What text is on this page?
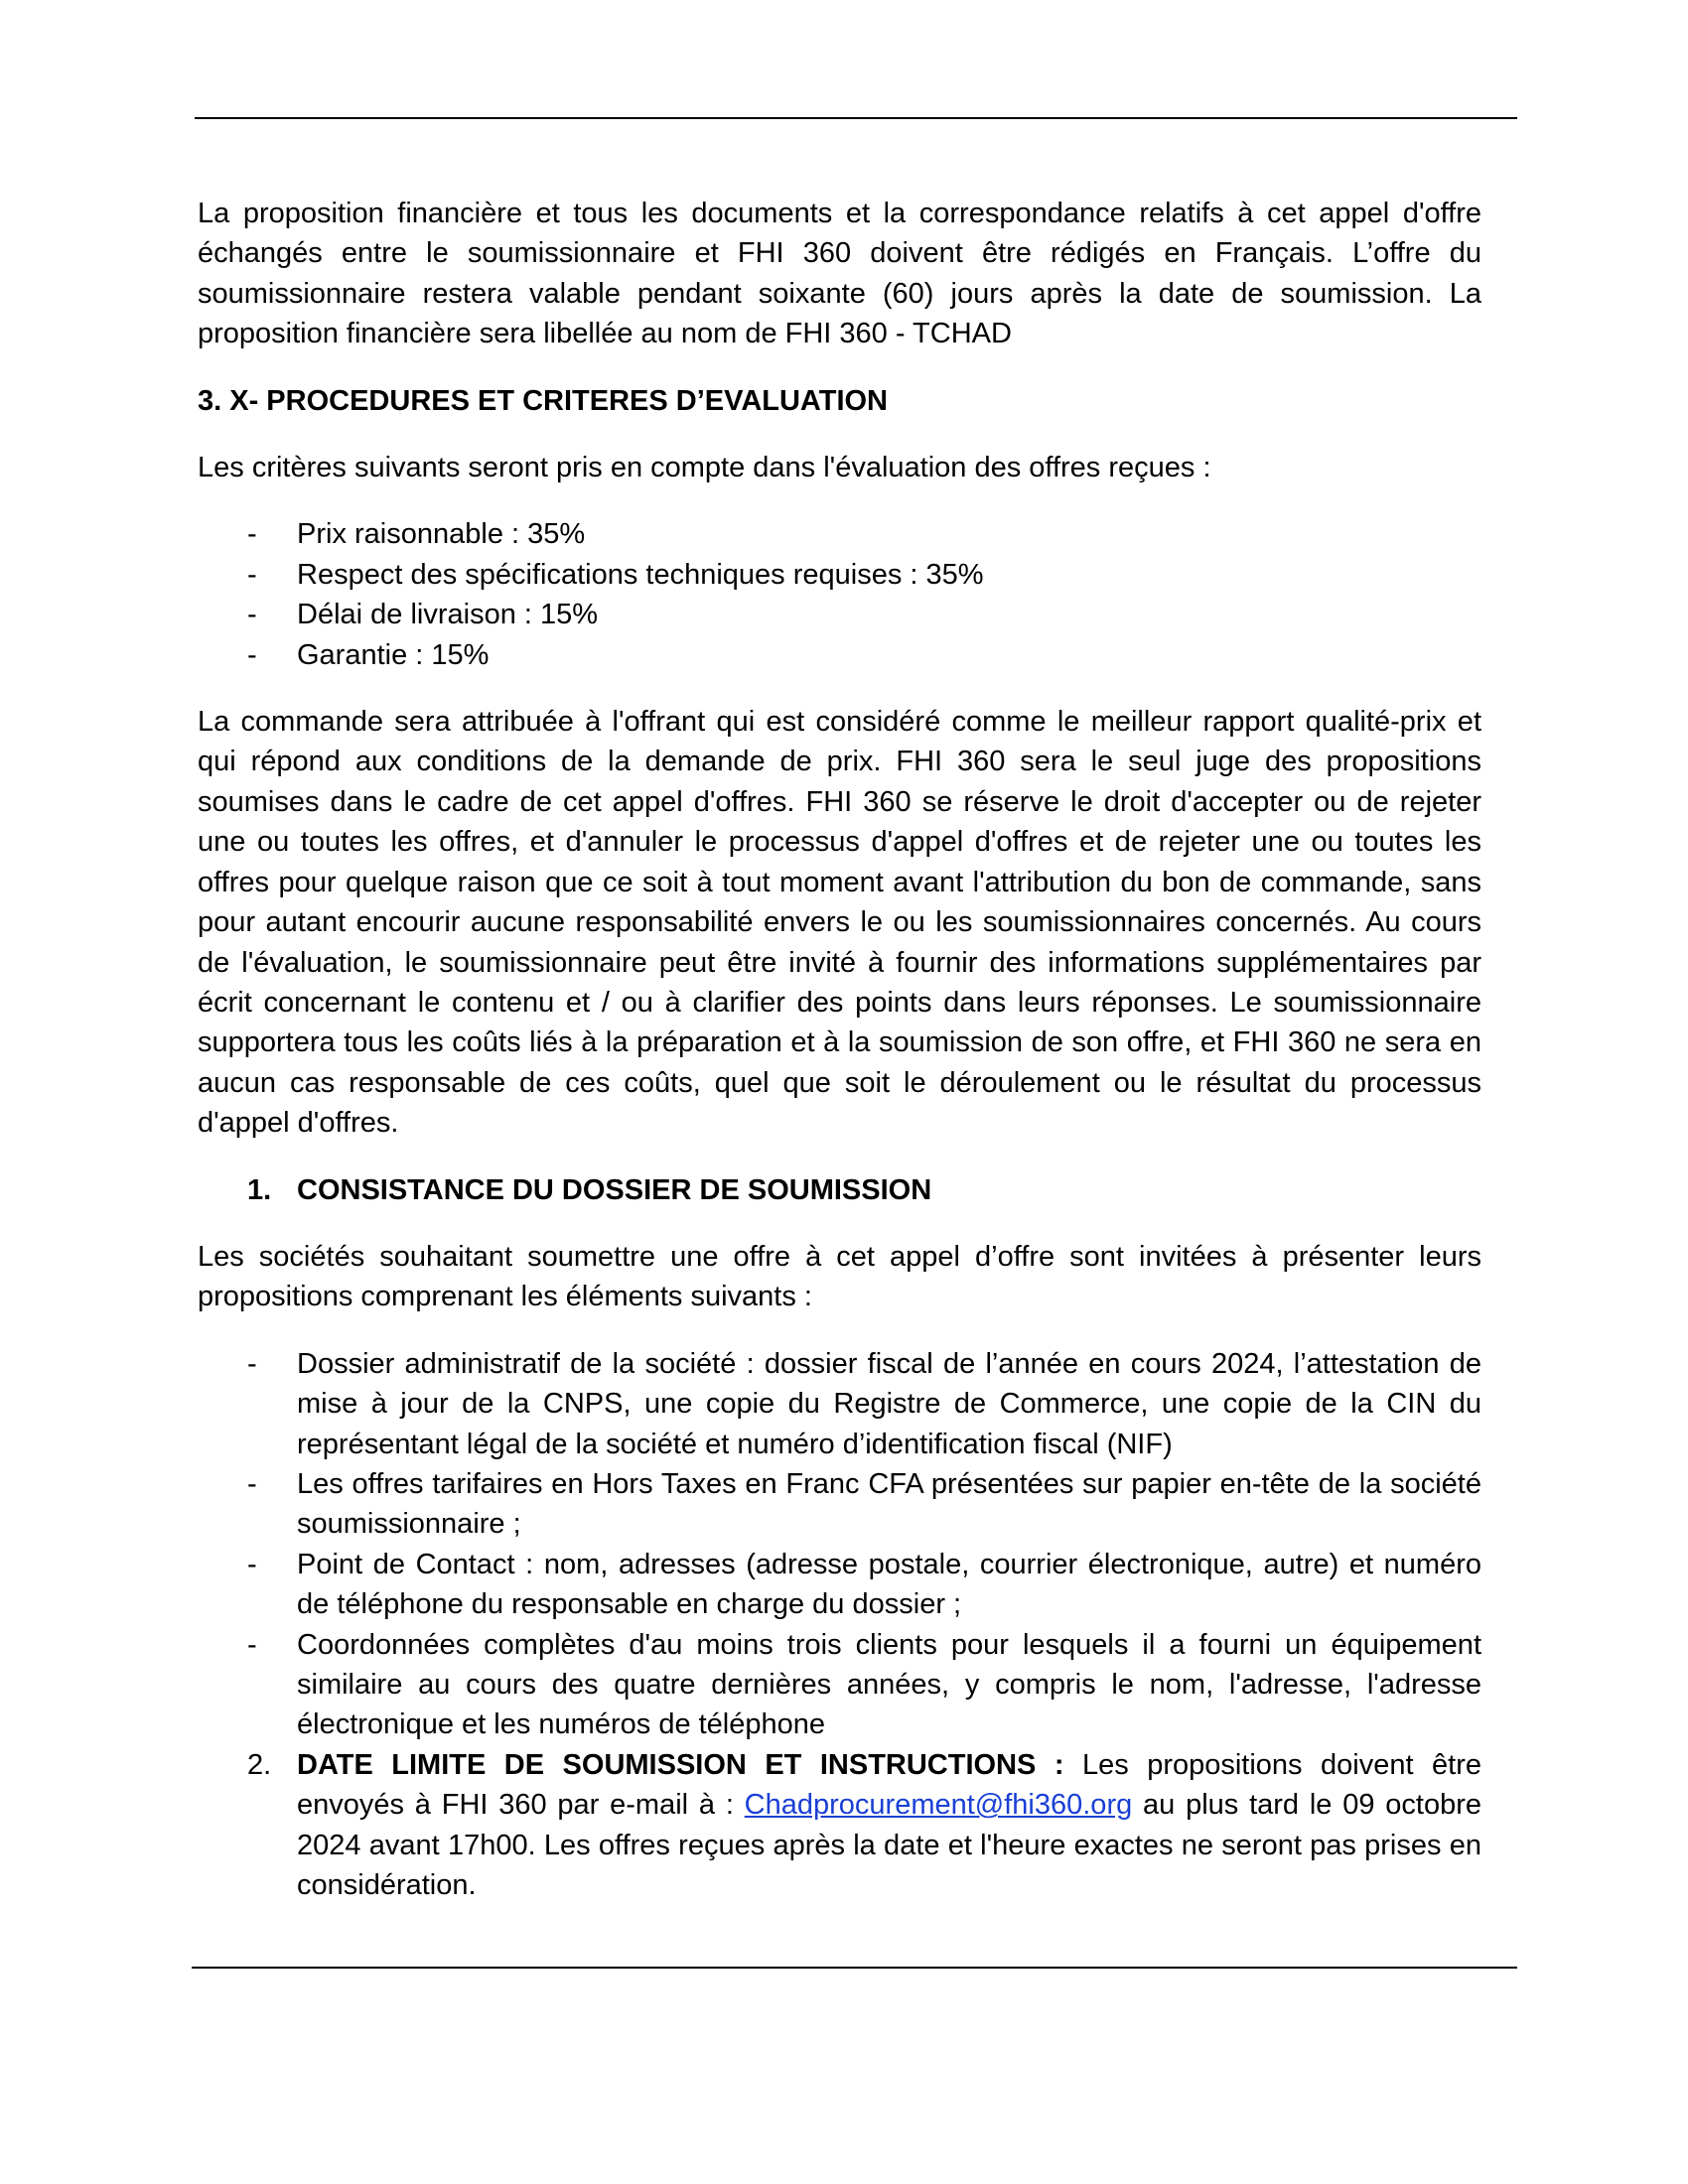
La proposition financière et tous les documents et la correspondance relatifs à cet appel d'offre échangés entre le soumissionnaire et FHI 360 doivent être rédigés en Français. L’offre du soumissionnaire restera valable pendant soixante (60) jours après la date de soumission. La proposition financière sera libellée au nom de FHI 360 - TCHAD

3. X- PROCEDURES ET CRITERES D’EVALUATION

Les critères suivants seront pris en compte dans l'évaluation des offres reçues :

- Prix raisonnable : 35%
- Respect des spécifications techniques requises : 35%
- Délai de livraison : 15%
- Garantie : 15%

La commande sera attribuée à l'offrant qui est considéré comme le meilleur rapport qualité-prix et qui répond aux conditions de la demande de prix. FHI 360 sera le seul juge des propositions soumises dans le cadre de cet appel d'offres. FHI 360 se réserve le droit d'accepter ou de rejeter une ou toutes les offres, et d'annuler le processus d'appel d'offres et de rejeter une ou toutes les offres pour quelque raison que ce soit à tout moment avant l'attribution du bon de commande, sans pour autant encourir aucune responsabilité envers le ou les soumissionnaires concernés. Au cours de l'évaluation, le soumissionnaire peut être invité à fournir des informations supplémentaires par écrit concernant le contenu et / ou à clarifier des points dans leurs réponses. Le soumissionnaire supportera tous les coûts liés à la préparation et à la soumission de son offre, et FHI 360 ne sera en aucun cas responsable de ces coûts, quel que soit le déroulement ou le résultat du processus d'appel d'offres.

1. CONSISTANCE DU DOSSIER DE SOUMISSION

Les sociétés souhaitant soumettre une offre à cet appel d’offre sont invitées à présenter leurs propositions comprenant les éléments suivants :

- Dossier administratif de la société : dossier fiscal de l’année en cours 2024, l’attestation de mise à jour de la CNPS, une copie du Registre de Commerce, une copie de la CIN du représentant légal de la société et numéro d’identification fiscal (NIF)
- Les offres tarifaires en Hors Taxes en Franc CFA présentées sur papier en-tête de la société soumissionnaire ;
- Point de Contact : nom, adresses (adresse postale, courrier électronique, autre) et numéro de téléphone du responsable en charge du dossier ;
- Coordonnées complètes d'au moins trois clients pour lesquels il a fourni un équipement similaire au cours des quatre dernières années, y compris le nom, l'adresse, l'adresse électronique et les numéros de téléphone
2. DATE LIMITE DE SOUMISSION ET INSTRUCTIONS : Les propositions doivent être envoyés à FHI 360 par e-mail à : Chadprocurement@fhi360.org au plus tard le 09 octobre 2024 avant 17h00. Les offres reçues après la date et l'heure exactes ne seront pas prises en considération.
